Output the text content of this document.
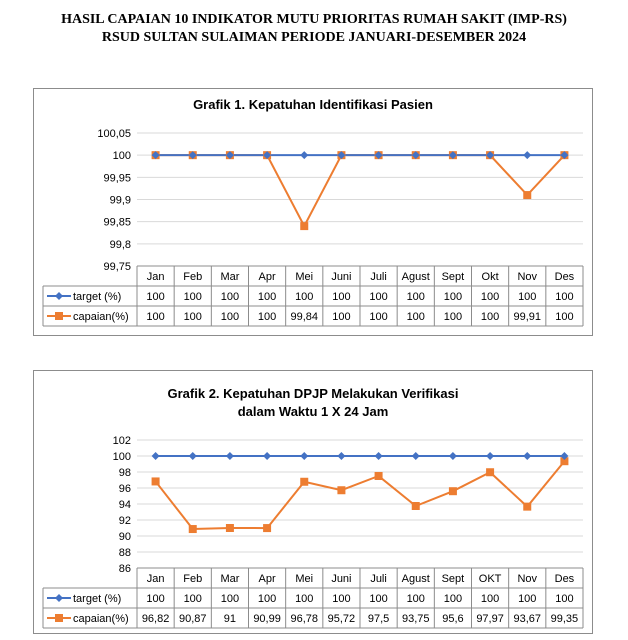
HASIL CAPAIAN 10 INDIKATOR MUTU PRIORITAS RUMAH SAKIT (IMP-RS)
RSUD SULTAN SULAIMAN PERIODE JANUARI-DESEMBER 2024
Grafik 1. Kepatuhan Identifikasi Pasien
99,75
99,8
99,85
99,9
99,95
100
100,05
Jan Feb Mar Apr Mei Juni Juli Agust Sept Okt Nov Des
target (%) 100 100 100 100 100 100 100 100 100 100 100 100
capaian(%) 100 100 100 100 99,84 100 100 100 100 100 99,91 100
Grafik 2. Kepatuhan DPJP Melakukan Verifikasi
dalam Waktu 1 X 24 Jam
86
88
90
92
94
96
98
100
102
Jan Feb Mar Apr Mei Juni Juli Agust Sept OKT Nov Des
target (%) 100 100 100 100 100 100 100 100 100 100 100 100
capaian(%) 96,82 90,87 91 90,99 96,78 95,72 97,5 93,75 95,6 97,97 93,67 99,35
